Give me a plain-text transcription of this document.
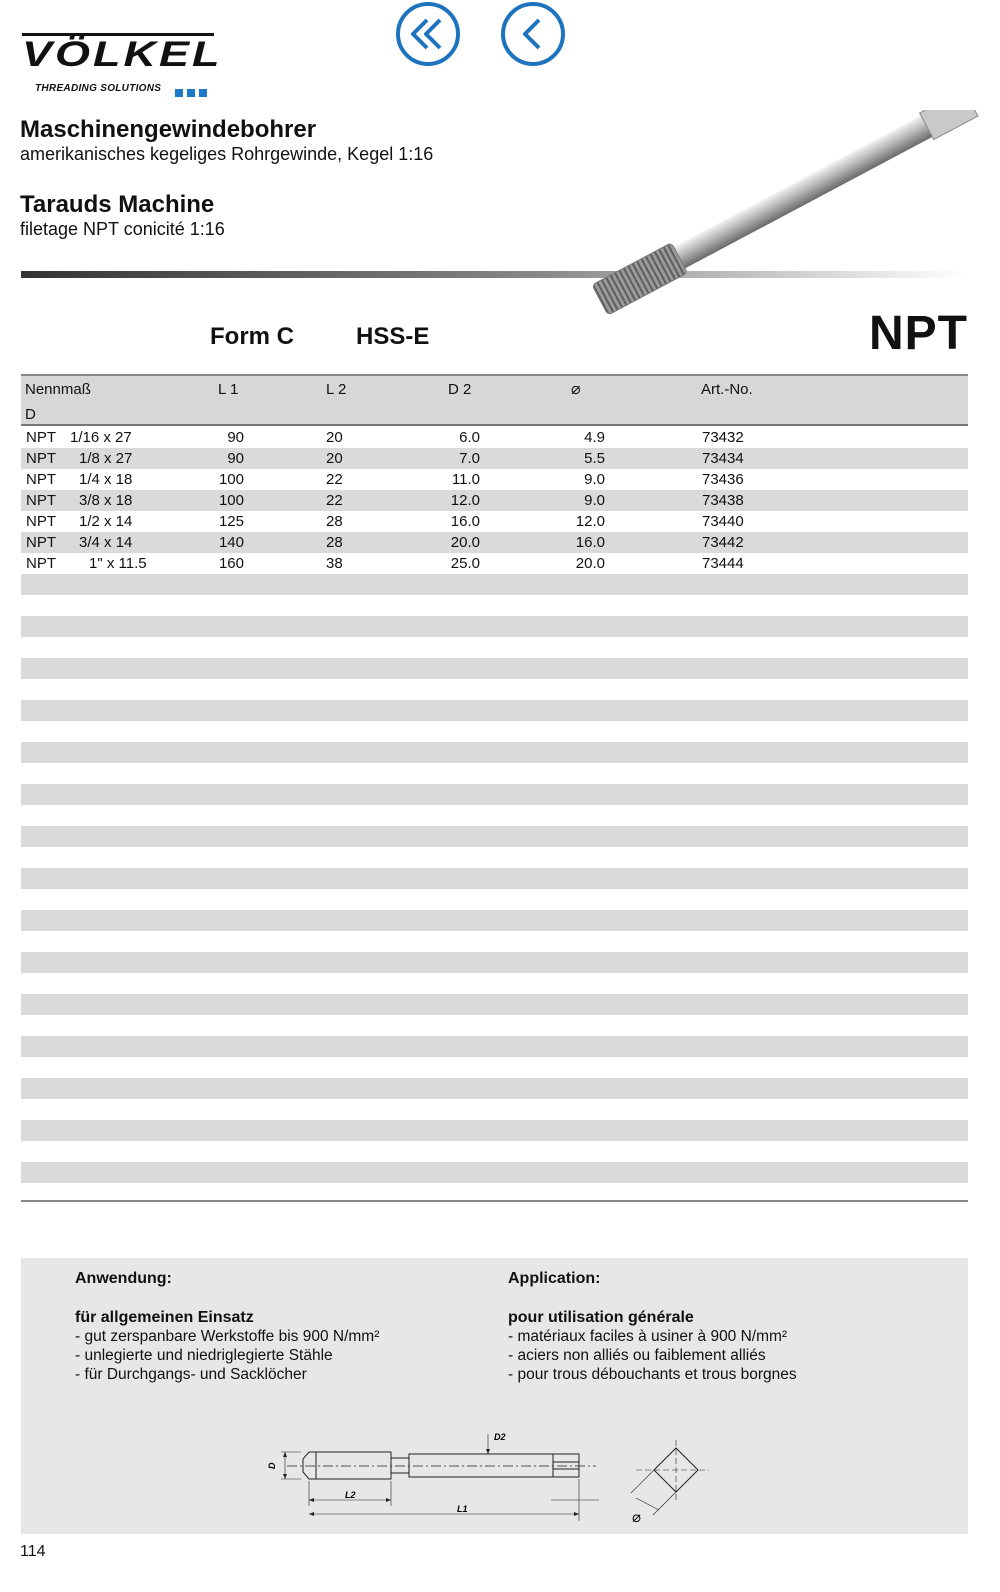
VÖLKEL
THREADING SOLUTIONS
Maschinengewindebohrer
amerikanisches kegeliges Rohrgewinde, Kegel 1:16
Tarauds Machine
filetage NPT conicité 1:16
Form C	HSS-E	NPT
Nennmaß
D
L 1	L 2	D 2	⌀	Art.-No.
NPT 1/16 x 27	90	20	6.0	4.9	73432
NPT 1/8 x 27	90	20	7.0	5.5	73434
NPT 1/4 x 18	100	22	11.0	9.0	73436
NPT 3/8 x 18	100	22	12.0	9.0	73438
NPT 1/2 x 14	125	28	16.0	12.0	73440
NPT 3/4 x 14	140	28	20.0	16.0	73442
NPT 1" x 11.5	160	38	25.0	20.0	73444
Anwendung:
für allgemeinen Einsatz
- gut zerspanbare Werkstoffe bis 900 N/mm²
- unlegierte und niedriglegierte Stähle
- für Durchgangs- und Sacklöcher
Application:
pour utilisation générale
- matériaux faciles à usiner à 900 N/mm²
- aciers non alliés ou faiblement alliés
- pour trous débouchants et trous borgnes
D
D2
L2
L1	⌀
114
